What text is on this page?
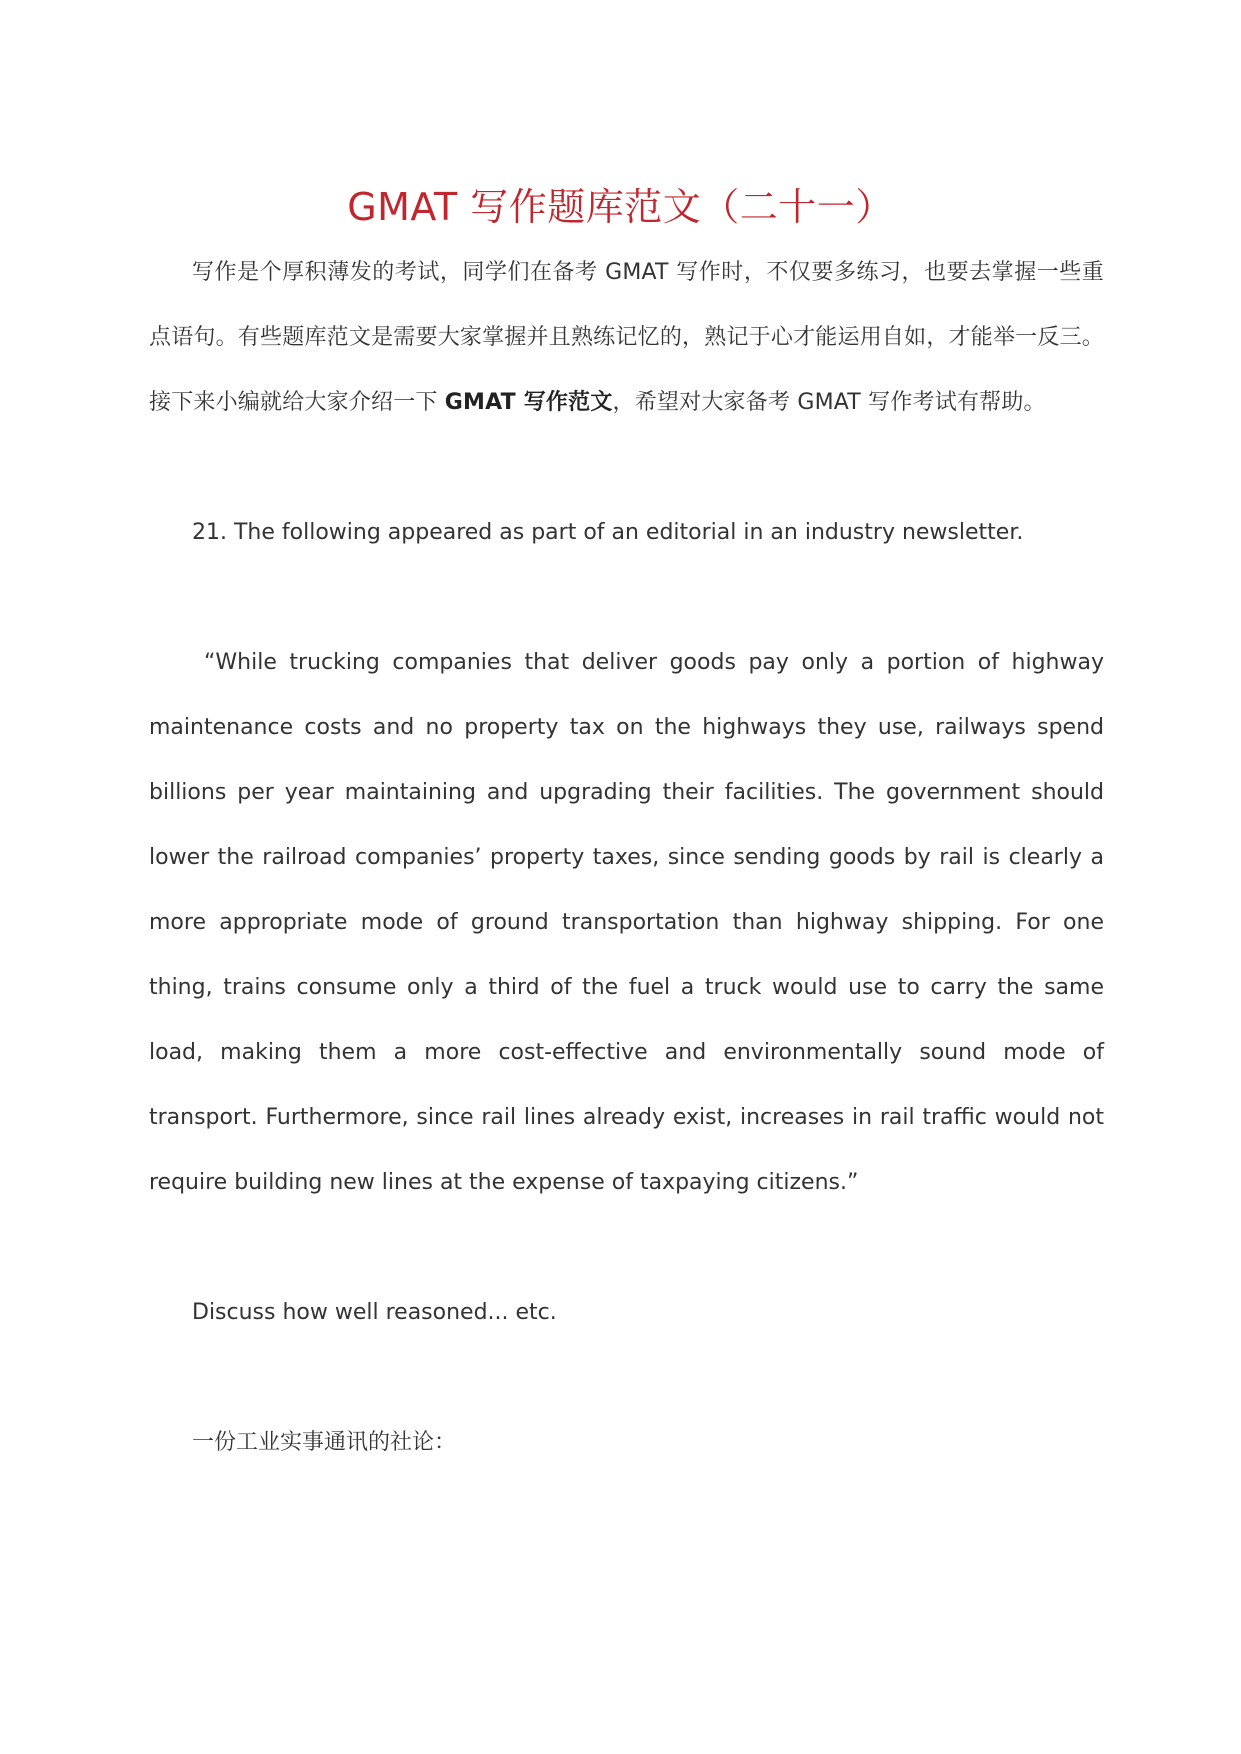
GMAT 写作题库范文（二十一）

写作是个厚积薄发的考试，同学们在备考 GMAT 写作时，不仅要多练习，也要去掌握一些重点语句。有些题库范文是需要大家掌握并且熟练记忆的，熟记于心才能运用自如，才能举一反三。接下来小编就给大家介绍一下 GMAT 写作范文，希望对大家备考 GMAT 写作考试有帮助。

21. The following appeared as part of an editorial in an industry newsletter.

“While trucking companies that deliver goods pay only a portion of highway maintenance costs and no property tax on the highways they use, railways spend billions per year maintaining and upgrading their facilities. The government should lower the railroad companies’ property taxes, since sending goods by rail is clearly a more appropriate mode of ground transportation than highway shipping. For one thing, trains consume only a third of the fuel a truck would use to carry the same load, making them a more cost-effective and environmentally sound mode of transport. Furthermore, since rail lines already exist, increases in rail traffic would not require building new lines at the expense of taxpaying citizens.”

Discuss how well reasoned... etc.

一份工业实事通讯的社论：
